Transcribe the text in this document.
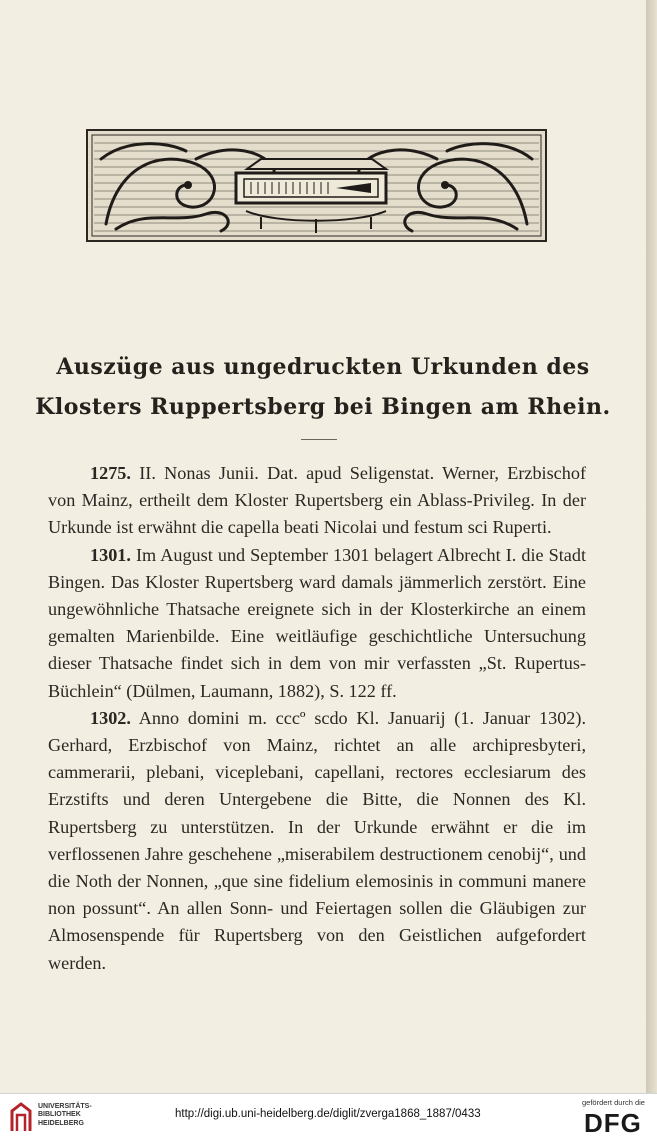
Auszüge aus ungedruckten Urkunden des
Klosters Ruppertsberg bei Bingen am Rhein.

1275. II. Nonas Junii. Dat. apud Seligenstat. Werner, Erzbischof von Mainz, ertheilt dem Kloster Rupertsberg ein Ablass-Privileg. In der Urkunde ist erwähnt die capella beati Nicolai und festum sci Ruperti.

1301. Im August und September 1301 belagert Albrecht I. die Stadt Bingen. Das Kloster Rupertsberg ward damals jämmerlich zerstört. Eine ungewöhnliche Thatsache ereignete sich in der Klosterkirche an einem gemalten Marienbilde. Eine weitläufige geschichtliche Untersuchung dieser Thatsache findet sich in dem von mir verfassten „St. Rupertus-Büchlein“ (Dülmen, Laumann, 1882), S. 122 ff.

1302. Anno domini m. cccº scdo Kl. Januarij (1. Januar 1302). Gerhard, Erzbischof von Mainz, richtet an alle archipresbyteri, cammerarii, plebani, viceplebani, capellani, rectores ecclesiarum des Erzstifts und deren Untergebene die Bitte, die Nonnen des Kl. Rupertsberg zu unterstützen. In der Urkunde erwähnt er die im verflossenen Jahre geschehene „miserabilem destructionem cenobij“, und die Noth der Nonnen, „que sine fidelium elemosinis in communi manere non possunt“. An allen Sonn- und Feiertagen sollen die Gläubigen zur Almosenspende für Rupertsberg von den Geistlichen aufgefordert werden.

UNIVERSITÄTS-
BIBLIOTHEK
HEIDELBERG
http://digi.ub.uni-heidelberg.de/diglit/zverga1868_1887/0433
gefördert durch die
DFG
